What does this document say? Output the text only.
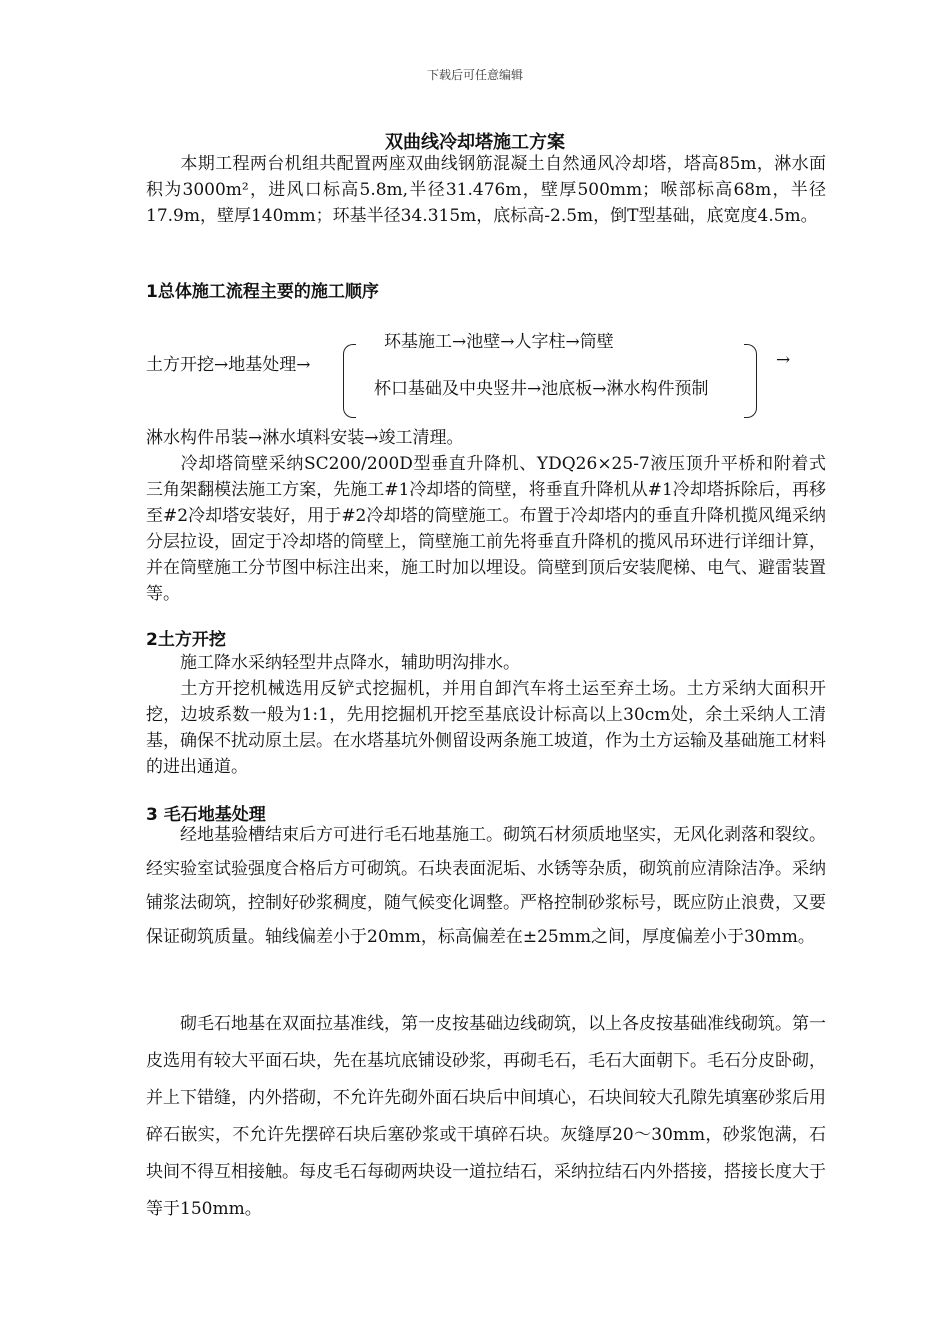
下载后可任意编辑
双曲线冷却塔施工方案
本期工程两台机组共配置两座双曲线钢筋混凝土自然通风冷却塔，塔高85m，淋水面积为3000m²，进风口标高5.8m,半径31.476m，壁厚500mm；喉部标高68m，半径17.9m，壁厚140mm；环基半径34.315m，底标高-2.5m，倒T型基础，底宽度4.5m。
1总体施工流程主要的施工顺序
土方开挖→地基处理→
环基施工→池壁→人字柱→筒壁
杯口基础及中央竖井→池底板→淋水构件预制
→
淋水构件吊装→淋水填料安装→竣工清理。
冷却塔筒壁采纳SC200/200D型垂直升降机、YDQ26×25-7液压顶升平桥和附着式三角架翻模法施工方案，先施工#1冷却塔的筒壁，将垂直升降机从#1冷却塔拆除后，再移至#2冷却塔安装好，用于#2冷却塔的筒壁施工。布置于冷却塔内的垂直升降机揽风绳采纳分层拉设，固定于冷却塔的筒壁上，筒壁施工前先将垂直升降机的揽风吊环进行详细计算，并在筒壁施工分节图中标注出来，施工时加以埋设。筒壁到顶后安装爬梯、电气、避雷装置等。
2土方开挖
施工降水采纳轻型井点降水，辅助明沟排水。
土方开挖机械选用反铲式挖掘机，并用自卸汽车将土运至弃土场。土方采纳大面积开挖，边坡系数一般为1:1，先用挖掘机开挖至基底设计标高以上30cm处，余土采纳人工清基，确保不扰动原土层。在水塔基坑外侧留设两条施工坡道，作为土方运输及基础施工材料的进出通道。
3 毛石地基处理
经地基验槽结束后方可进行毛石地基施工。砌筑石材须质地坚实，无风化剥落和裂纹。经实验室试验强度合格后方可砌筑。石块表面泥垢、水锈等杂质，砌筑前应清除洁净。采纳铺浆法砌筑，控制好砂浆稠度，随气候变化调整。严格控制砂浆标号，既应防止浪费，又要保证砌筑质量。轴线偏差小于20mm，标高偏差在±25mm之间，厚度偏差小于30mm。
砌毛石地基在双面拉基准线，第一皮按基础边线砌筑，以上各皮按基础准线砌筑。第一皮选用有较大平面石块，先在基坑底铺设砂浆，再砌毛石，毛石大面朝下。毛石分皮卧砌，并上下错缝，内外搭砌，不允许先砌外面石块后中间填心，石块间较大孔隙先填塞砂浆后用碎石嵌实，不允许先摆碎石块后塞砂浆或干填碎石块。灰缝厚20～30mm，砂浆饱满，石块间不得互相接触。每皮毛石每砌两块设一道拉结石，采纳拉结石内外搭接，搭接长度大于等于150mm。
